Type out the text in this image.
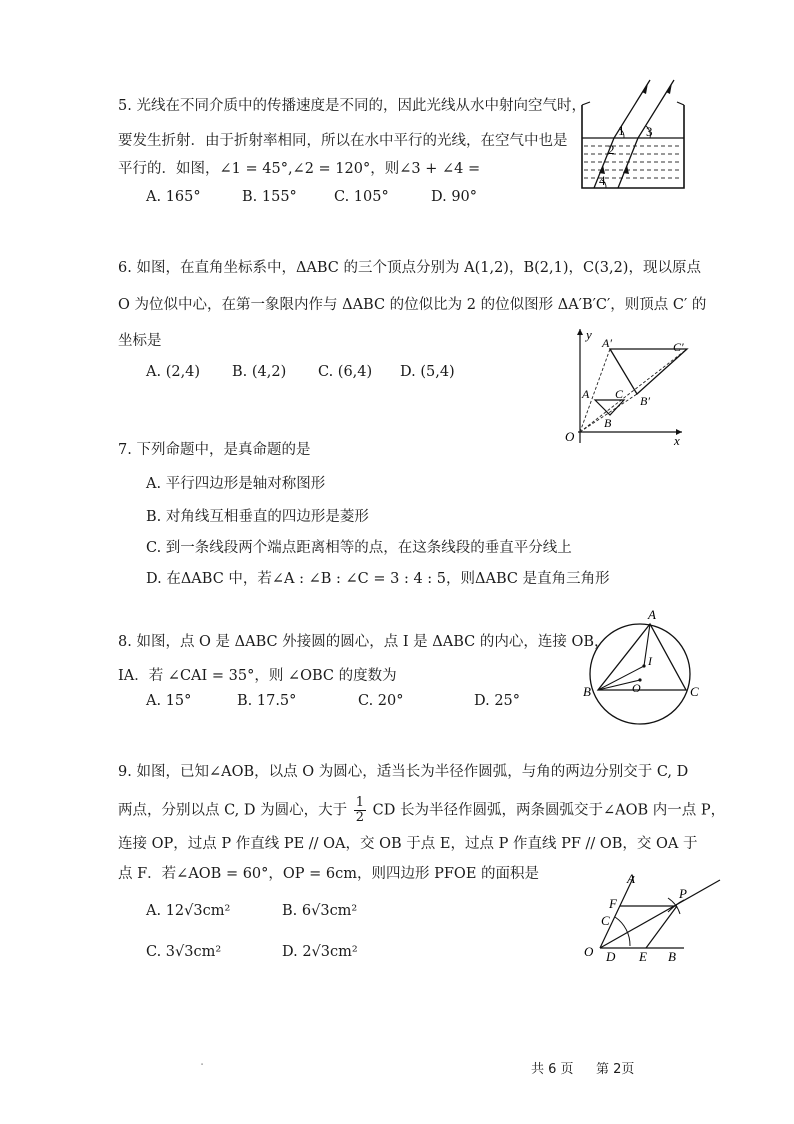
5. 光线在不同介质中的传播速度是不同的，因此光线从水中射向空气时，
要发生折射．由于折射率相同，所以在水中平行的光线，在空气中也是
平行的．如图，∠1 = 45°,∠2 = 120°，则∠3 + ∠4 =
A. 165°	B. 155°	C. 105°	D. 90°
1
2
3
4
6. 如图，在直角坐标系中，ΔABC 的三个顶点分别为 A(1,2)，B(2,1)，C(3,2)，现以原点
O 为位似中心，在第一象限内作与 ΔABC 的位似比为 2 的位似图形 ΔA′B′C′，则顶点 C′ 的
坐标是
A. (2,4) B. (4,2) C. (6,4) D. (5,4)
y
x
O
A
B
C
A′
B′
C′
7. 下列命题中，是真命题的是
A. 平行四边形是轴对称图形
B. 对角线互相垂直的四边形是菱形
C. 到一条线段两个端点距离相等的点，在这条线段的垂直平分线上
D. 在ΔABC 中，若∠A : ∠B : ∠C = 3 : 4 : 5，则ΔABC 是直角三角形
8. 如图，点 O 是 ΔABC 外接圆的圆心，点 I 是 ΔABC 的内心，连接 OB，
IA．若 ∠CAI = 35°，则 ∠OBC 的度数为
A. 15°	B. 17.5°	C. 20°	D. 25°
A
B	C
I
O
9. 如图，已知∠AOB，以点 O 为圆心，适当长为半径作圆弧，与角的两边分别交于 C, D
两点，分别以点 C, D 为圆心，大于 $\frac{1}{2}$ CD 长为半径作圆弧，两条圆弧交于∠AOB 内一点 P，
连接 OP，过点 P 作直线 PE // OA，交 OB 于点 E，过点 P 作直线 PF // OB，交 OA 于
点 F．若∠AOB = 60°，OP = 6cm，则四边形 PFOE 的面积是
A. 12√3cm²	B. 6√3cm²
C. 3√3cm²	D. 2√3cm²
A
F
C
O D E B
P
·	共 6 页 第 2页
